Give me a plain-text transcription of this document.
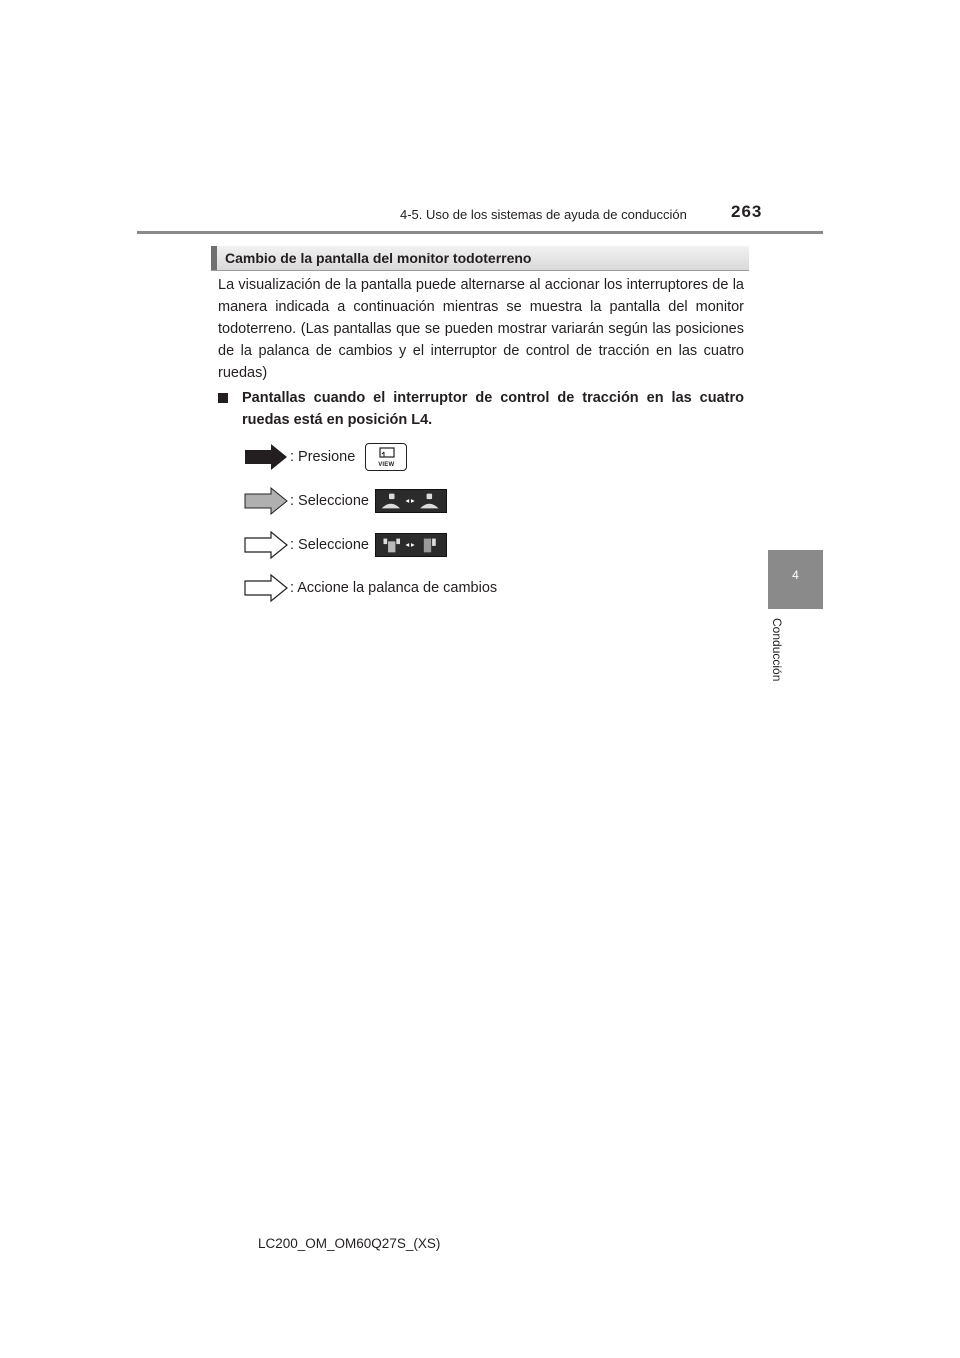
4-5. Uso de los sistemas de ayuda de conducción	263
4
Conducción
Cambio de la pantalla del monitor todoterreno
La visualización de la pantalla puede alternarse al accionar los interruptores de la manera indicada a continuación mientras se muestra la pantalla del monitor todoterreno. (Las pantallas que se pueden mostrar variarán según las posiciones de la palanca de cambios y el interruptor de control de tracción en las cuatro ruedas)
Pantallas cuando el interruptor de control de tracción en las cuatro ruedas está en posición L4.
: Presione	VIEW
: Seleccione
: Seleccione
: Accione la palanca de cambios
LC200_OM_OM60Q27S_(XS)
